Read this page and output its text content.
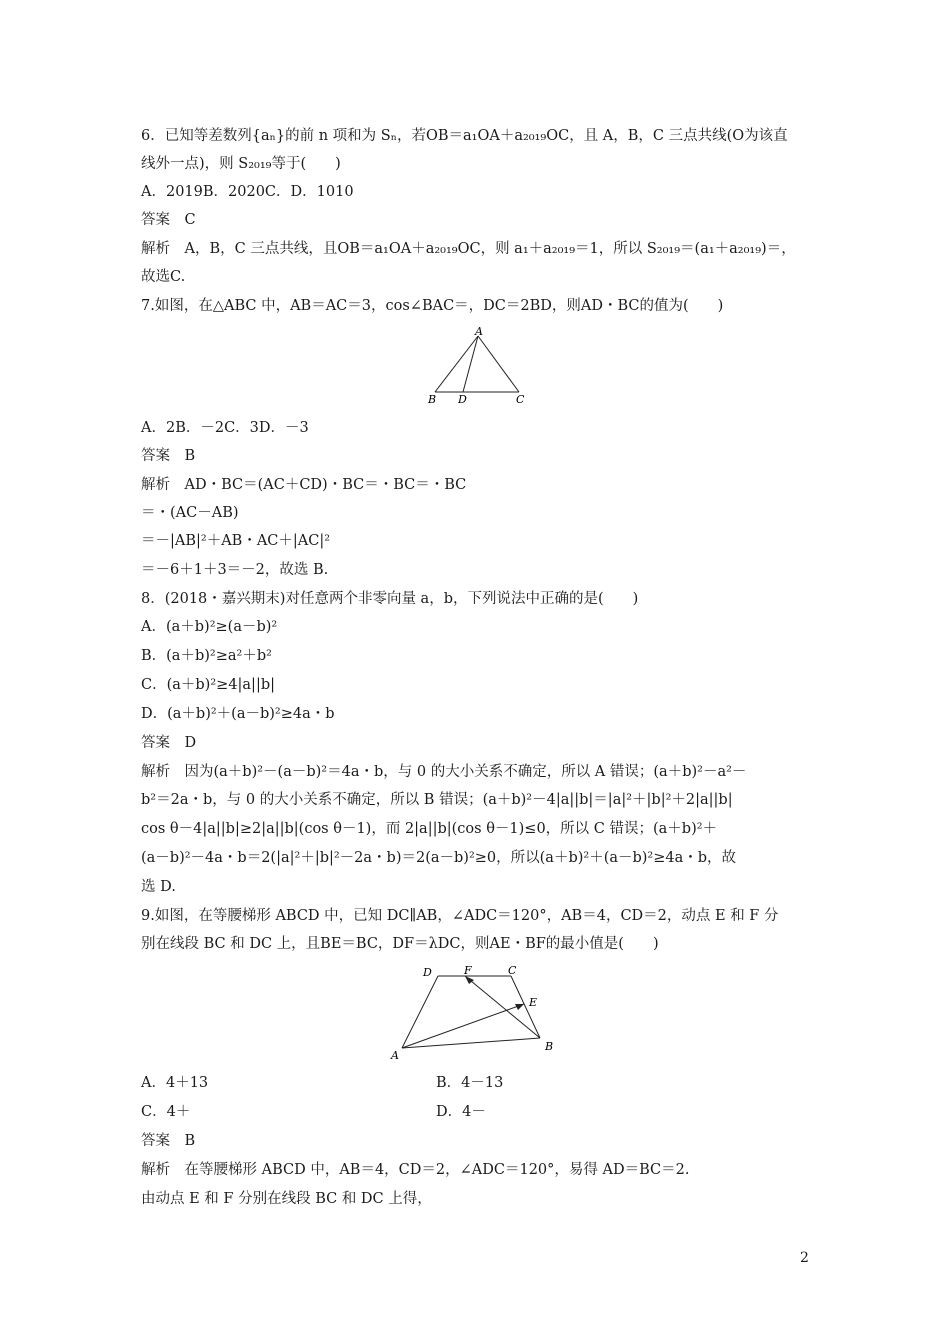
6．已知等差数列{aₙ}的前 n 项和为 Sₙ，若OB＝a₁OA＋a₂₀₁₉OC，且 A，B，C 三点共线(O为该直
线外一点)，则 S₂₀₁₉等于(　　)
A．2019B．2020C．D．1010
答案　C
解析　A，B，C 三点共线，且OB＝a₁OA＋a₂₀₁₉OC，则 a₁＋a₂₀₁₉＝1，所以 S₂₀₁₉＝(a₁＋a₂₀₁₉)＝，
故选C.
7.如图，在△ABC 中，AB＝AC＝3，cos∠BAC＝，DC＝2BD，则AD・BC的值为(　　)
A
B D	C
A．2B．－2C．3D．－3
答案　B
解析　AD・BC＝(AC＋CD)・BC＝・BC＝・BC
＝・(AC－AB)
＝－|AB|²＋AB・AC＋|AC|²
＝－6＋1＋3＝－2，故选 B.
8．(2018・嘉兴期末)对任意两个非零向量 a，b，下列说法中正确的是(　　)
A．(a＋b)²≥(a－b)²
B．(a＋b)²≥a²＋b²
C．(a＋b)²≥4|a||b|
D．(a＋b)²＋(a－b)²≥4a・b
答案　D
解析　因为(a＋b)²－(a－b)²＝4a・b，与 0 的大小关系不确定，所以 A 错误；(a＋b)²－a²－
b²＝2a・b，与 0 的大小关系不确定，所以 B 错误；(a＋b)²－4|a||b|＝|a|²＋|b|²＋2|a||b|
cos θ－4|a||b|≥2|a||b|(cos θ－1)，而 2|a||b|(cos θ－1)≤0，所以 C 错误；(a＋b)²＋
(a－b)²－4a・b＝2(|a|²＋|b|²－2a・b)＝2(a－b)²≥0，所以(a＋b)²＋(a－b)²≥4a・b，故
选 D.
9.如图，在等腰梯形 ABCD 中，已知 DC∥AB，∠ADC＝120°，AB＝4，CD＝2，动点 E 和 F 分
别在线段 BC 和 DC 上，且BE＝BC，DF＝λDC，则AE・BF的最小值是(　　)
D	F	C
E
A
B
A．4＋13	B．4－13
C．4＋	D．4－
答案　B
解析　在等腰梯形 ABCD 中，AB＝4，CD＝2，∠ADC＝120°，易得 AD＝BC＝2.
由动点 E 和 F 分别在线段 BC 和 DC 上得，
2
